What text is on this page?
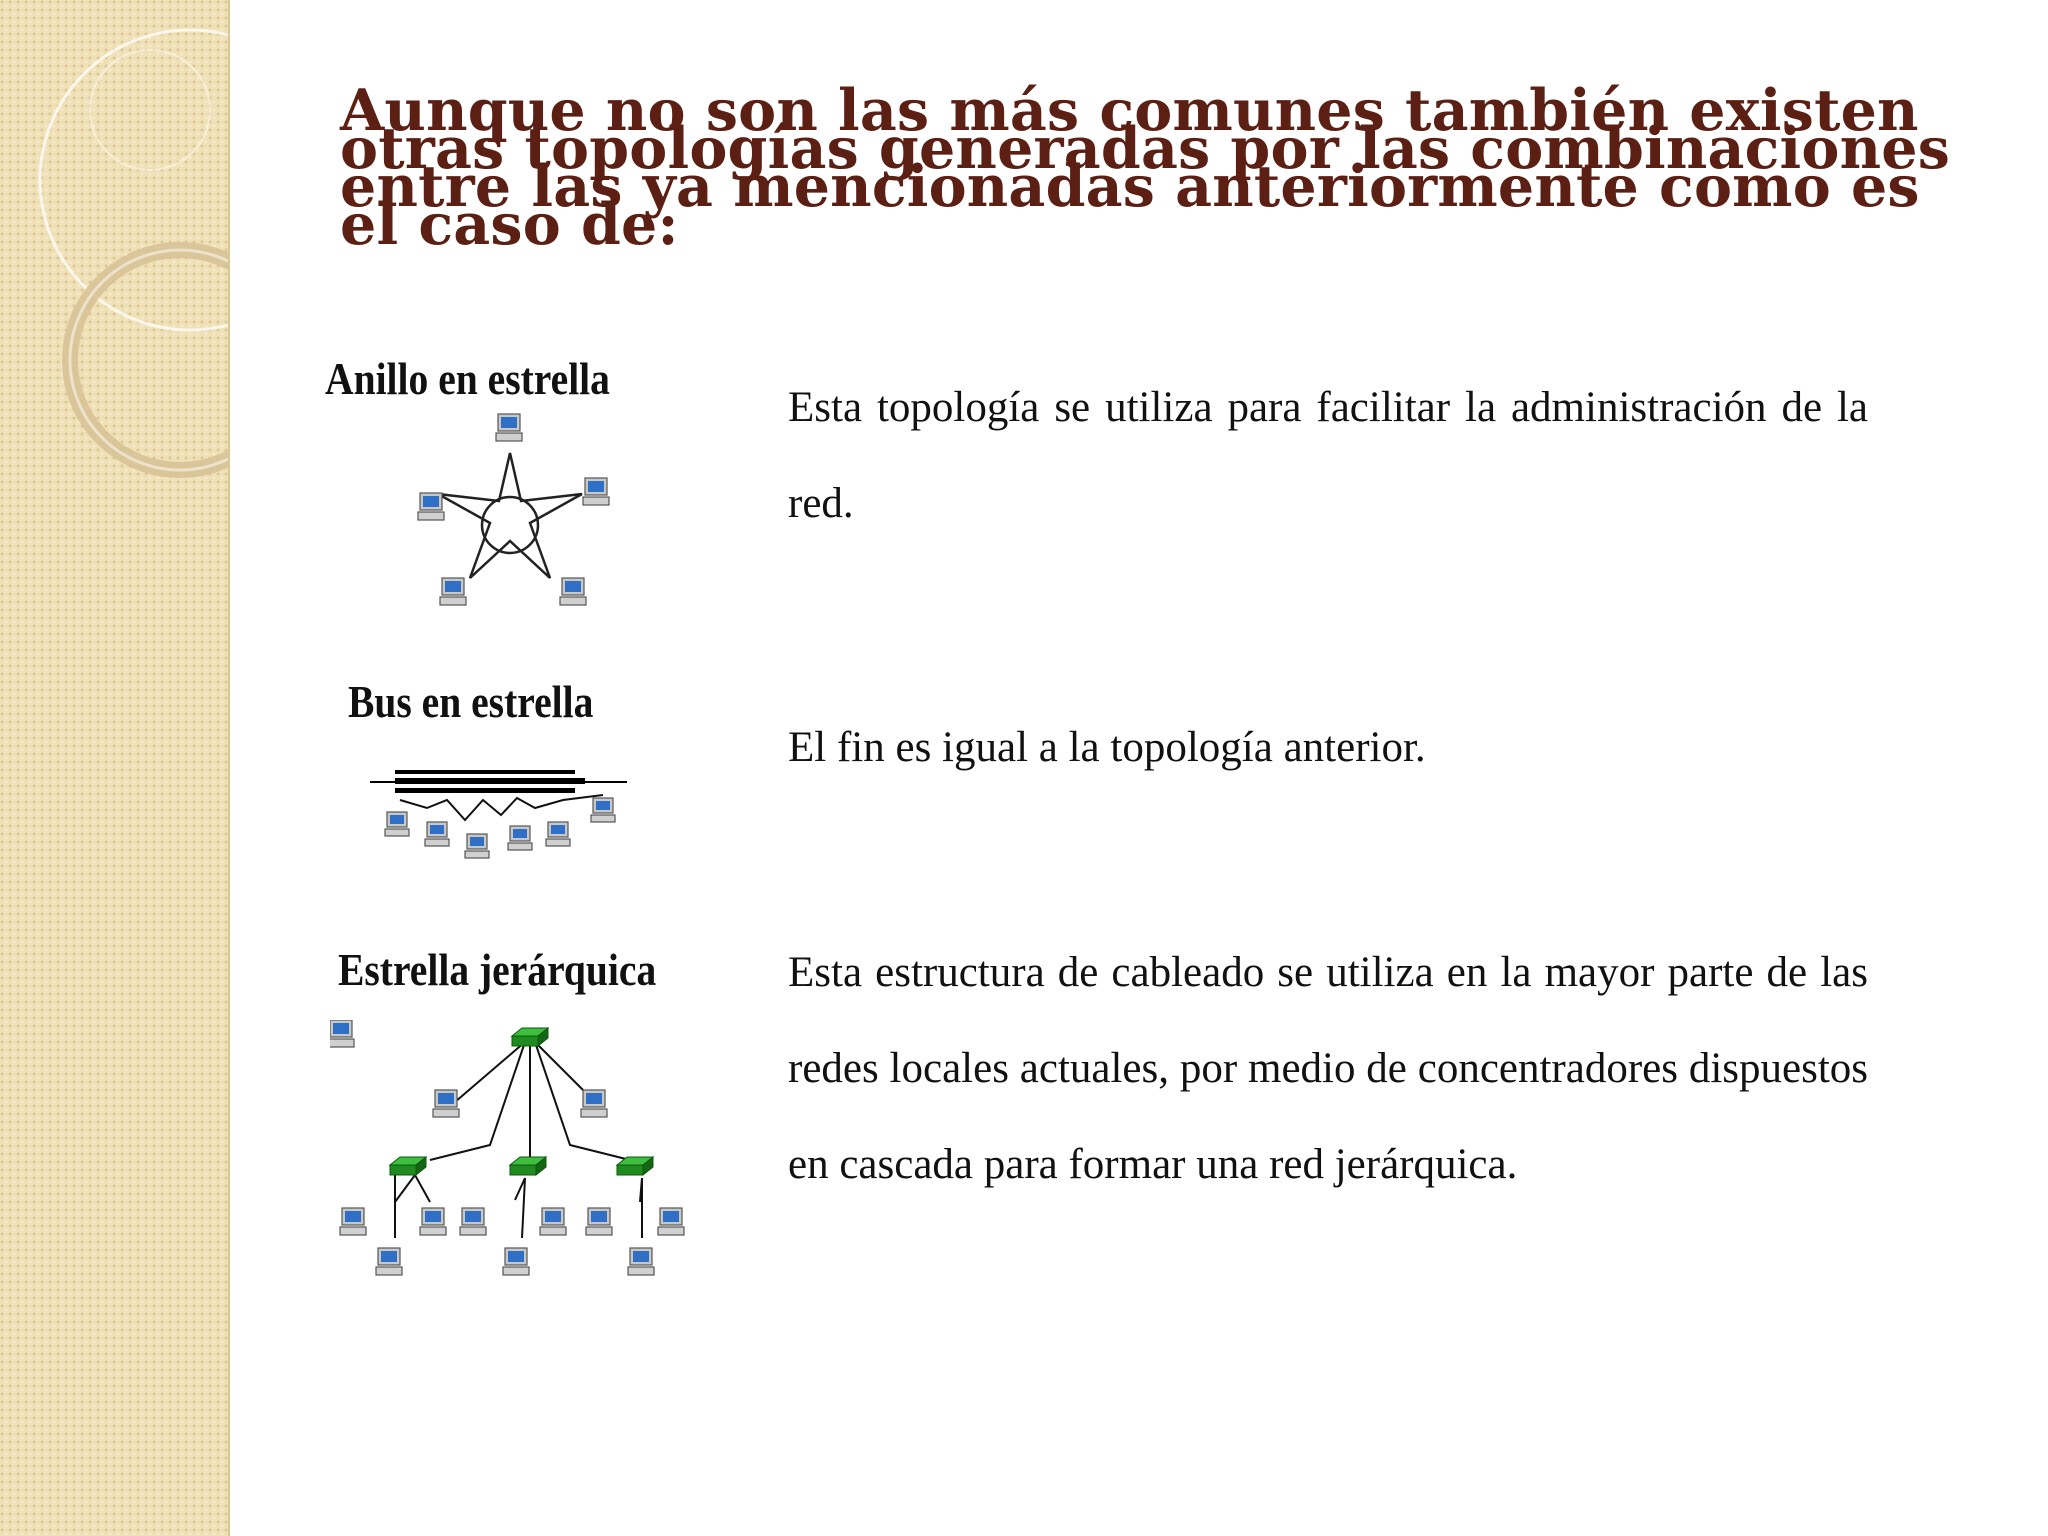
Aunque no son las más comunes también existen otras topologías generadas por las combinaciones entre las ya mencionadas anteriormente como es el caso de:
Anillo en estrella

Esta topología se utiliza para facilitar la administración de la red.

Bus en estrella

El fin es igual a la topología anterior.

Estrella jerárquica	Esta estructura de cableado se utiliza en la mayor parte de las redes locales actuales, por medio de concentradores dispuestos en cascada para formar una red jerárquica.
